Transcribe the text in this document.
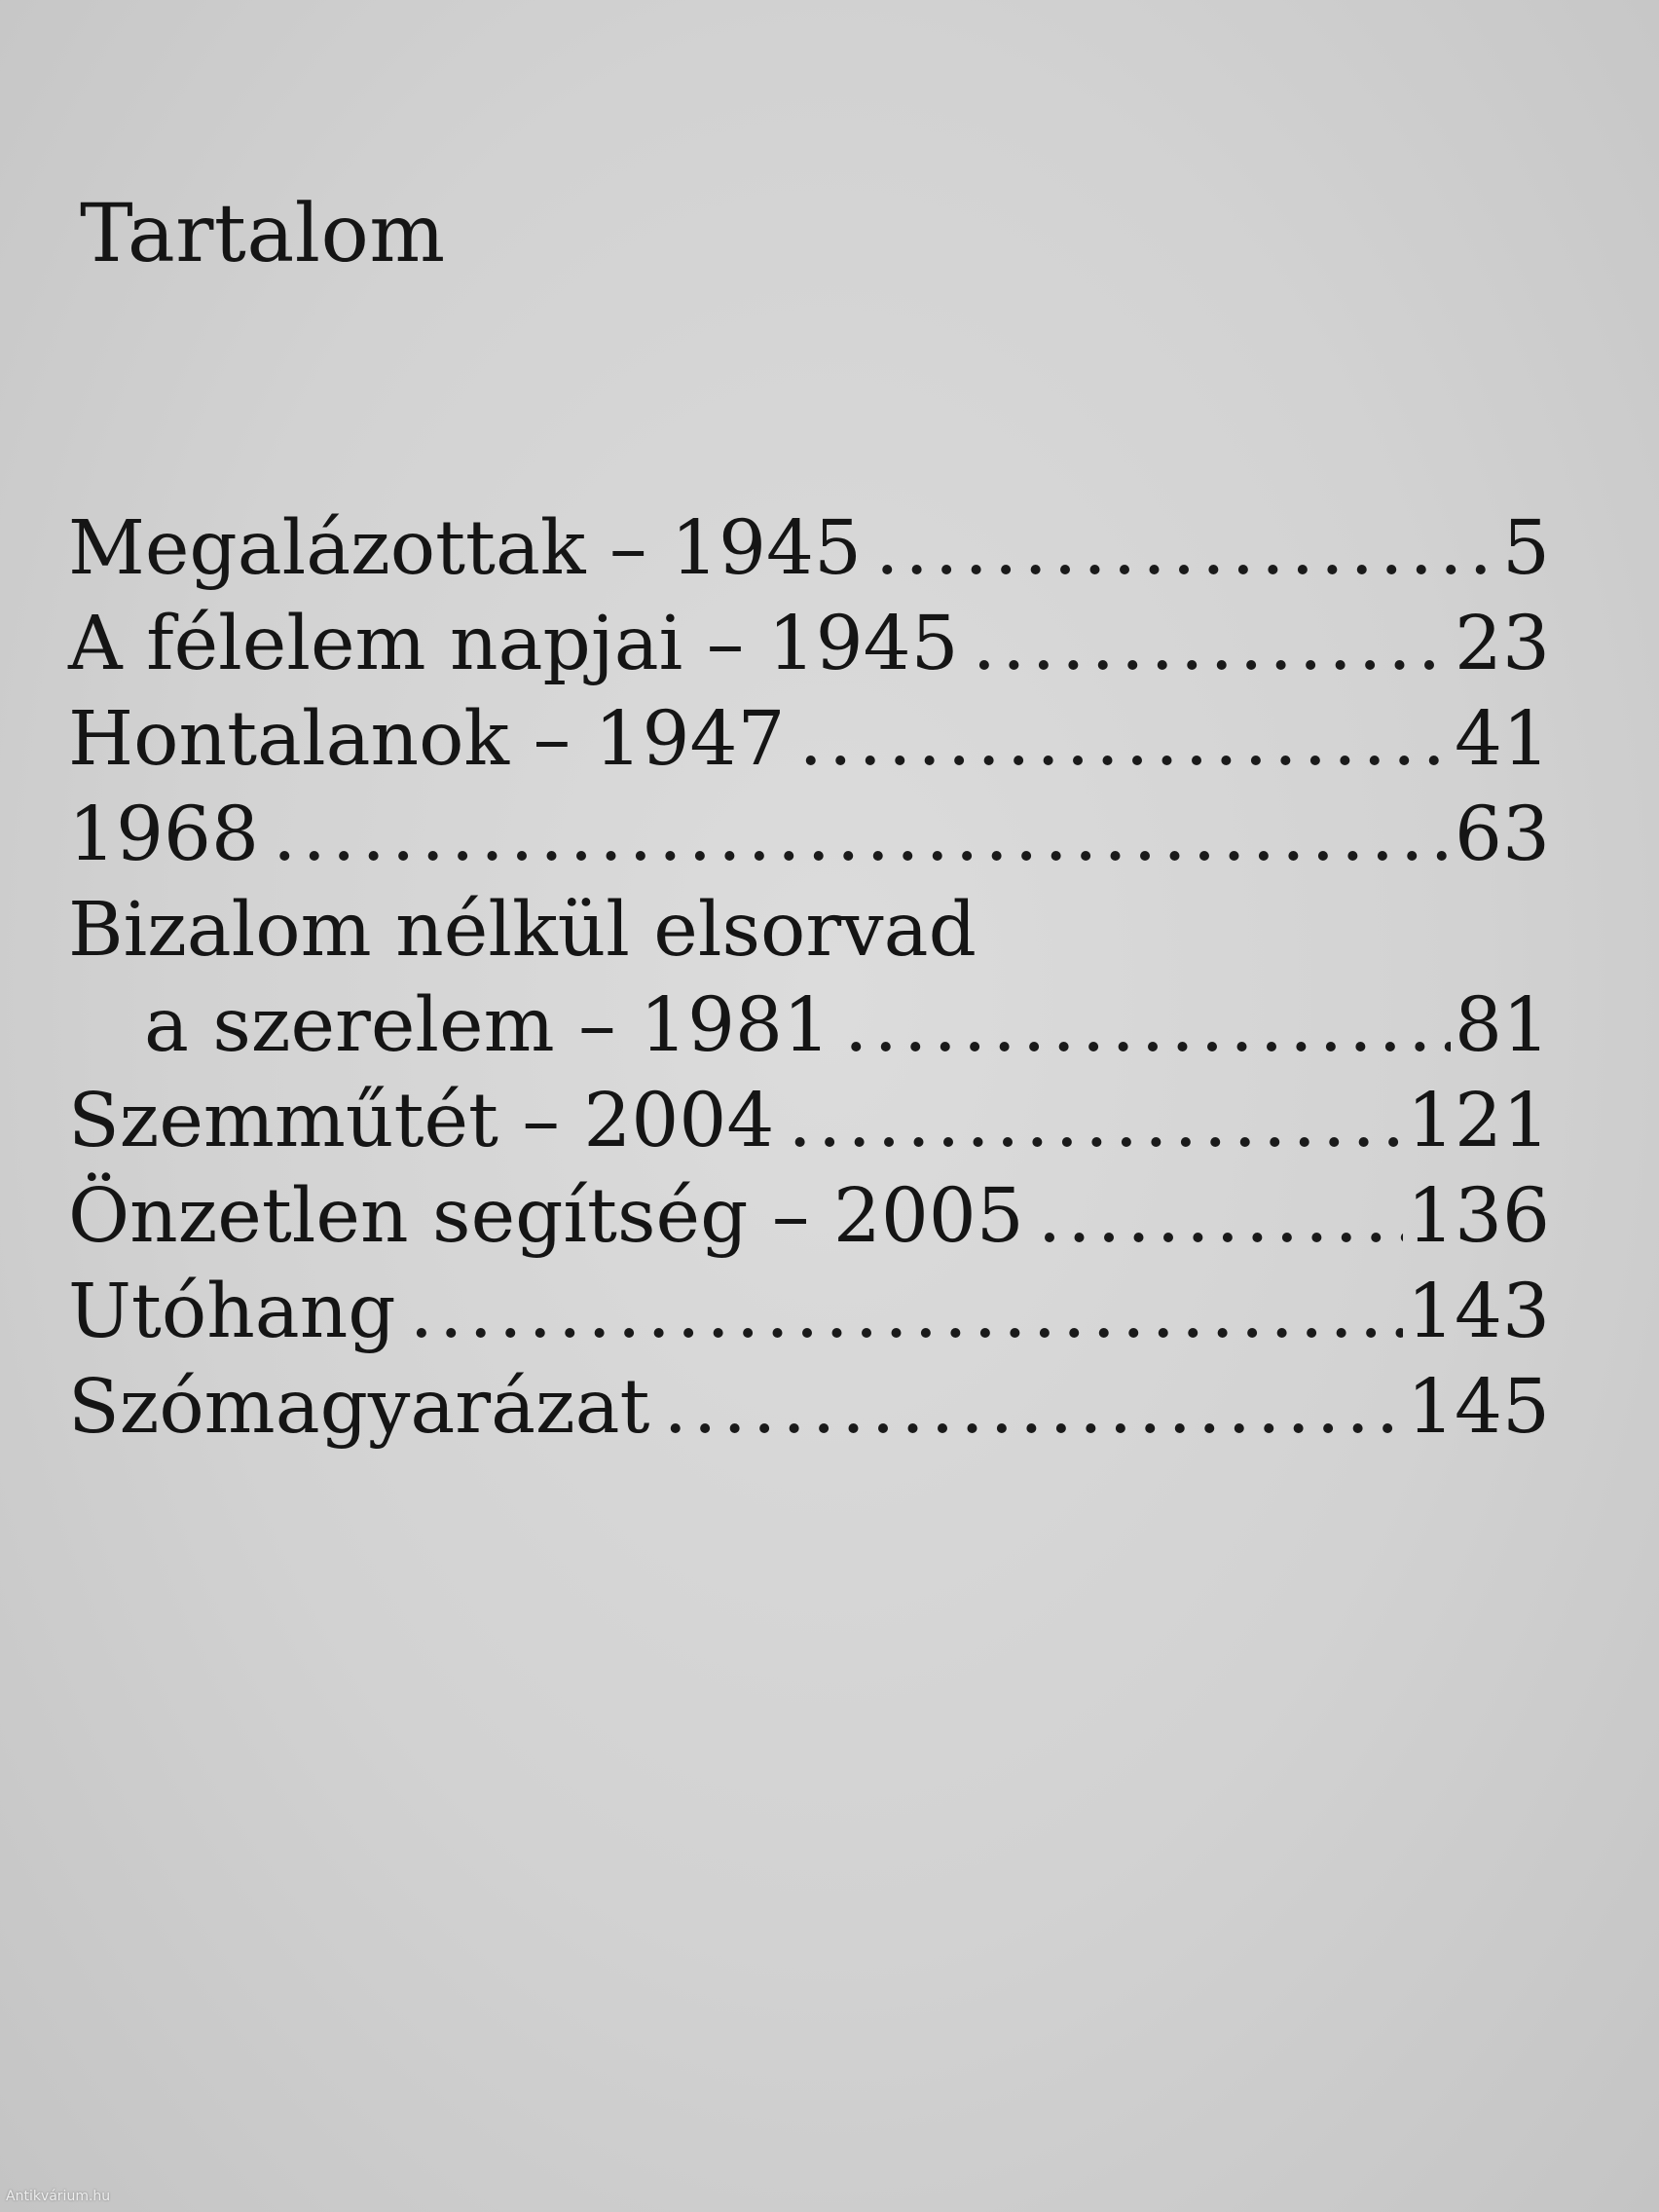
Tartalom
Megalázottak – 1945 .....	5
A félelem napjai – 1945 .....	23
Hontalanok – 1947 .....	41
1968 .....	63
Bizalom nélkül elsorvad
a szerelem – 1981 .....	81
Szemműtét – 2004 .....	121
Önzetlen segítség – 2005 .....	136
Utóhang .....	143
Szómagyarázat .....	145
Antikvárium.hu
